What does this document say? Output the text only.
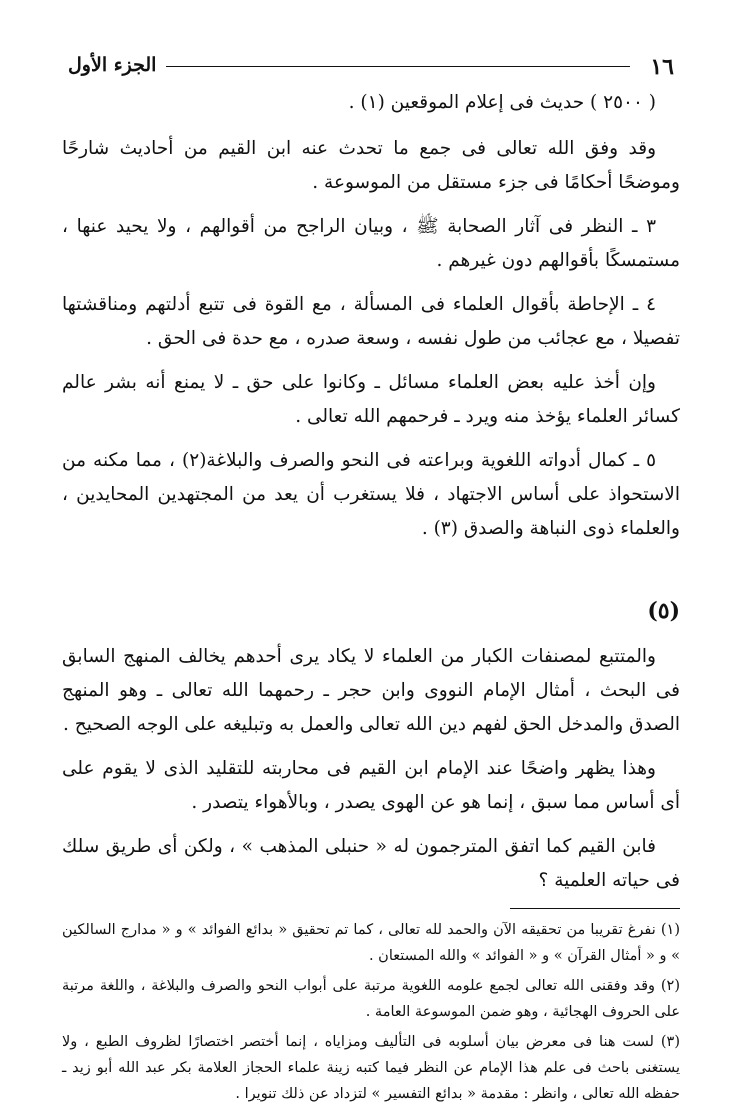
١٦
الجزء الأول

( ٢٥٠٠ ) حديث فى إعلام الموقعين (١) .

وقد وفق الله تعالى فى جمع ما تحدث عنه ابن القيم من أحاديث شارحًا وموضحًا أحكامًا فى جزء مستقل من الموسوعة .

٣ ـ النظر فى آثار الصحابة ﷺ ، وبيان الراجح من أقوالهم ، ولا يحيد عنها ، مستمسكًا بأقوالهم دون غيرهم .

٤ ـ الإحاطة بأقوال العلماء فى المسألة ، مع القوة فى تتبع أدلتهم ومناقشتها تفصيلا ، مع عجائب من طول نفسه ، وسعة صدره ، مع حدة فى الحق .

وإن أخذ عليه بعض العلماء مسائل ـ وكانوا على حق ـ لا يمنع أنه بشر عالم كسائر العلماء يؤخذ منه ويرد ـ فرحمهم الله تعالى .

٥ ـ كمال أدواته اللغوية وبراعته فى النحو والصرف والبلاغة(٢) ، مما مكنه من الاستحواذ على أساس الاجتهاد ، فلا يستغرب أن يعد من المجتهدين المحايدين ، والعلماء ذوى النباهة والصدق (٣) .

(٥)

والمتتبع لمصنفات الكبار من العلماء لا يكاد يرى أحدهم يخالف المنهج السابق فى البحث ، أمثال الإمام النووى وابن حجر ـ رحمهما الله تعالى ـ وهو المنهج الصدق والمدخل الحق لفهم دين الله تعالى والعمل به وتبليغه على الوجه الصحيح .

وهذا يظهر واضحًا عند الإمام ابن القيم فى محاربته للتقليد الذى لا يقوم على أى أساس مما سبق ، إنما هو عن الهوى يصدر ، وبالأهواء يتصدر .

فابن القيم كما اتفق المترجمون له « حنبلى المذهب » ، ولكن أى طريق سلك فى حياته العلمية ؟

(١) نفرغ تقريبا من تحقيقه الآن والحمد لله تعالى ، كما تم تحقيق « بدائع الفوائد » و « مدارج السالكين » و « أمثال القرآن » و « الفوائد » والله المستعان .

(٢) وقد وفقنى الله تعالى لجمع علومه اللغوية مرتبة على أبواب النحو والصرف والبلاغة ، واللغة مرتبة على الحروف الهجائية ، وهو ضمن الموسوعة العامة .

(٣) لست هنا فى معرض بيان أسلوبه فى التأليف ومزاياه ، إنما أختصر اختصارًا لظروف الطبع ، ولا يستغنى باحث فى علم هذا الإمام عن النظر فيما كتبه زينة علماء الحجاز العلامة بكر عبد الله أبو زيد ـ حفظه الله تعالى ، وانظر : مقدمة « بدائع التفسير » لتزداد عن ذلك تنويرا .
